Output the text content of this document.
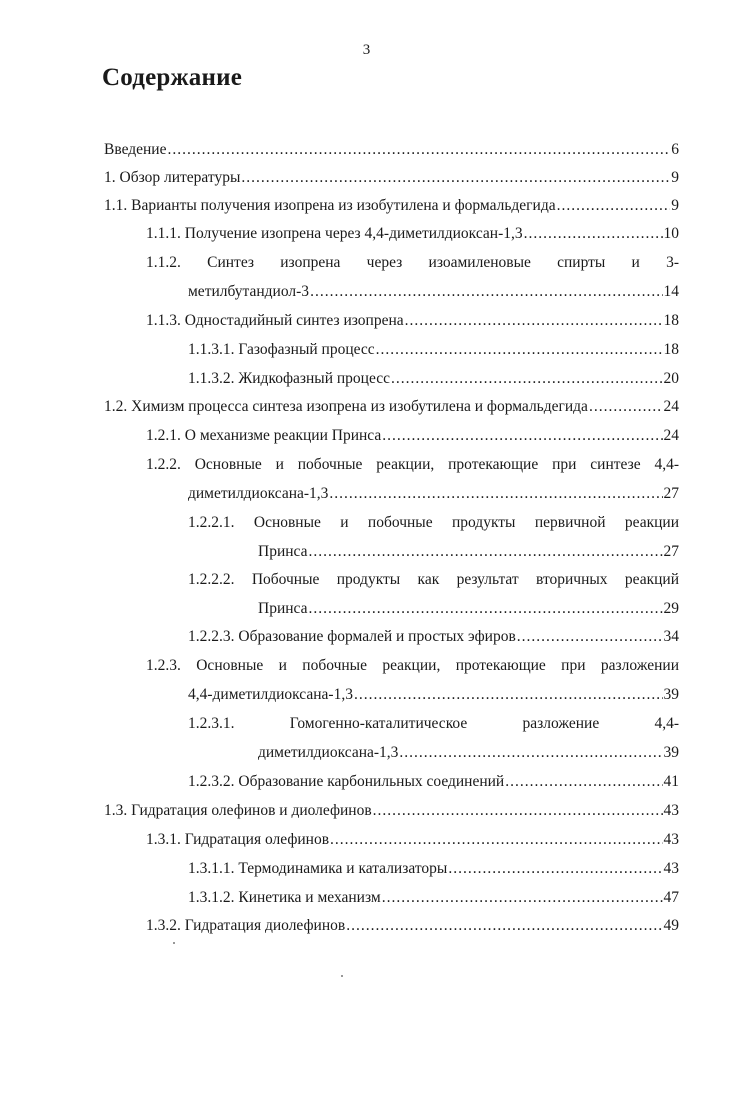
3
Содержание
Введение .....	6
1. Обзор литературы .....	9
1.1. Варианты получения изопрена из изобутилена и формальдегида .....	9
1.1.1. Получение изопрена через 4,4-диметилдиоксан-1,3 .....	10
1.1.2. Синтез изопрена через изоамиленовые спирты и 3-
метилбутандиол-3 .....	14
1.1.3. Одностадийный синтез изопрена .....	18
1.1.3.1. Газофазный процесс .....	18
1.1.3.2. Жидкофазный процесс .....	20
1.2. Химизм процесса синтеза изопрена из изобутилена и формальдегида .....	24
1.2.1. О механизме реакции Принса .....	24
1.2.2. Основные и побочные реакции, протекающие при синтезе 4,4-
диметилдиоксана-1,3 .....	27
1.2.2.1. Основные и побочные продукты первичной реакции
Принса .....	27
1.2.2.2. Побочные продукты как результат вторичных реакций
Принса .....	29
1.2.2.3. Образование формалей и простых эфиров .....	34
1.2.3. Основные и побочные реакции, протекающие при разложении
4,4-диметилдиоксана-1,3 .....	39
1.2.3.1. Гомогенно-каталитическое разложение 4,4-
диметилдиоксана-1,3 .....	39
1.2.3.2. Образование карбонильных соединений .....	41
1.3. Гидратация олефинов и диолефинов .....	43
1.3.1. Гидратация олефинов .....	43
1.3.1.1. Термодинамика и катализаторы .....	43
1.3.1.2. Кинетика и механизм .....	47
1.3.2. Гидратация диолефинов .....	49
